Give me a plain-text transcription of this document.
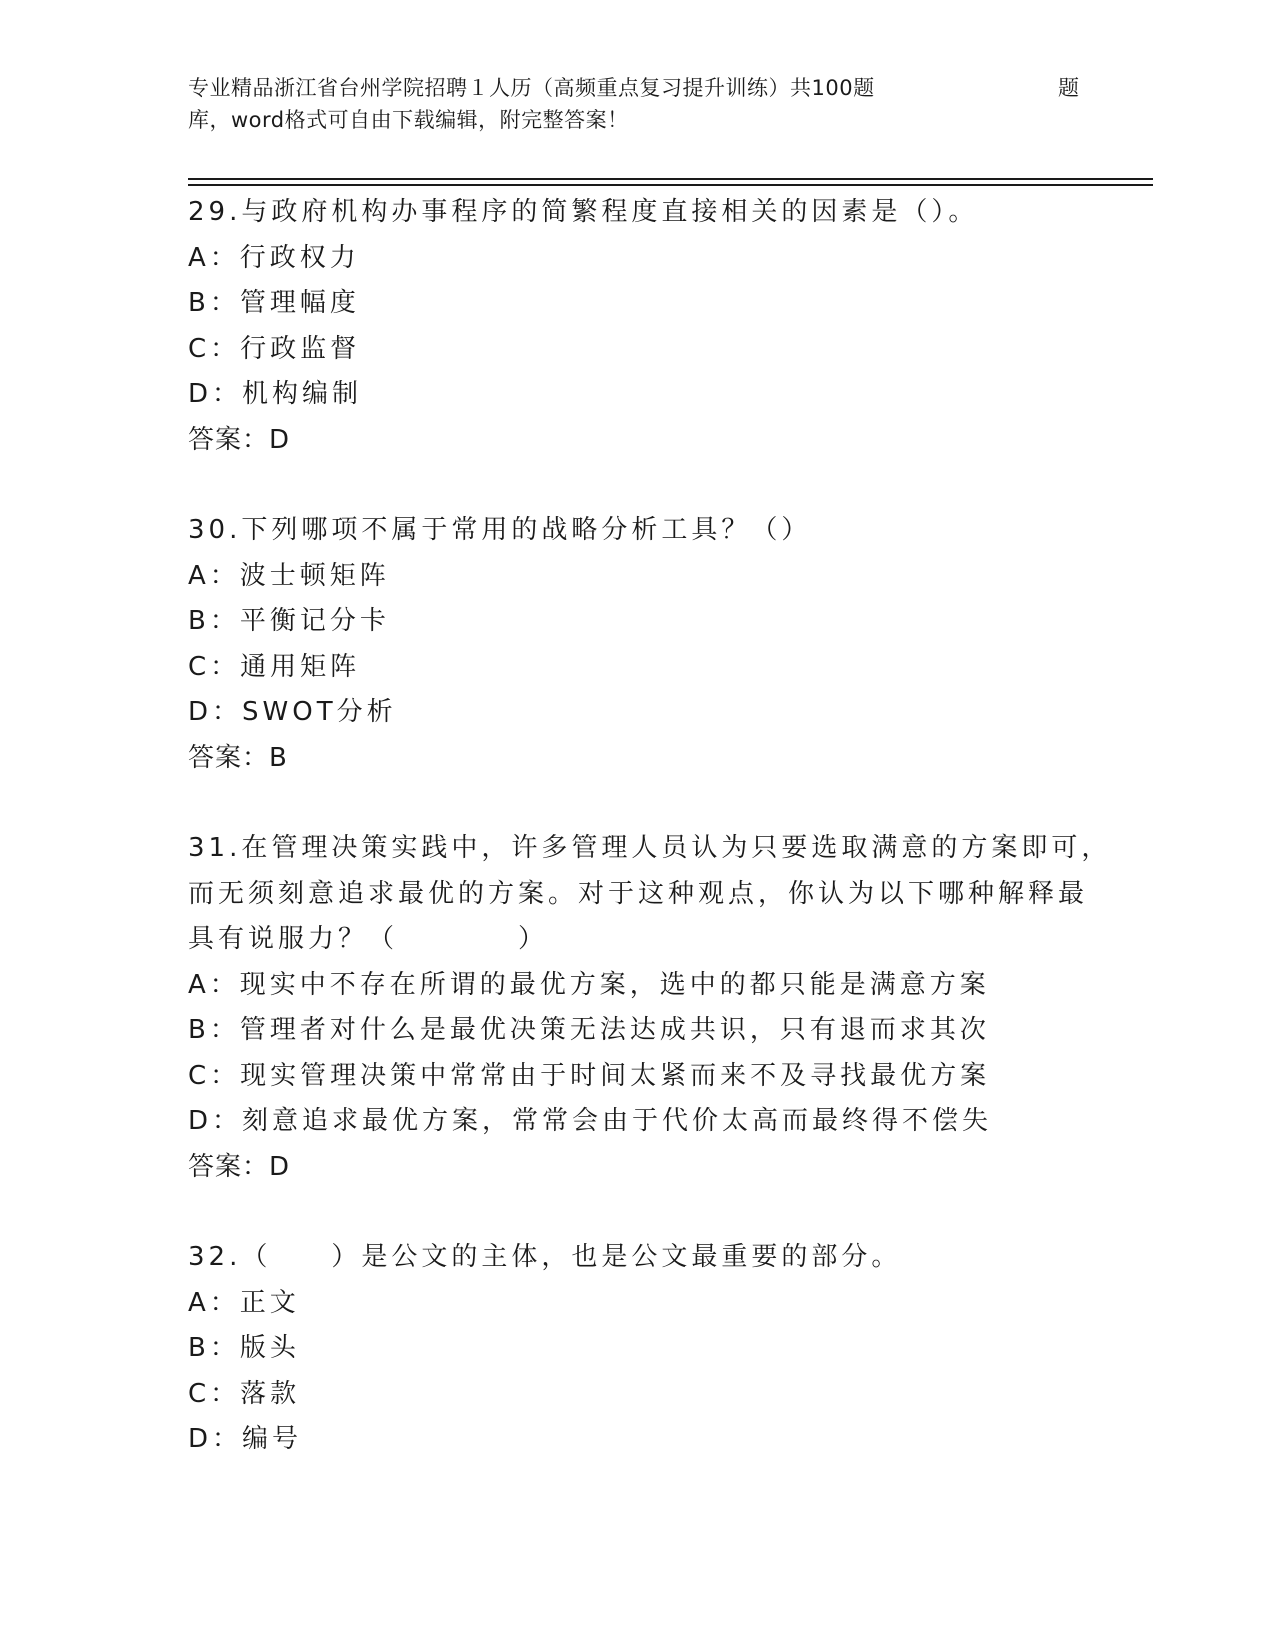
专业精品浙江省台州学院招聘１人历（高频重点复习提升训练）共100题
库，word格式可自由下载编辑，附完整答案！
题
29.与政府机构办事程序的简繁程度直接相关的因素是（）。
A：行政权力
B：管理幅度
C：行政监督
D：机构编制
答案：D
30.下列哪项不属于常用的战略分析工具？（）
A：波士顿矩阵
B：平衡记分卡
C：通用矩阵
D：SWOT分析
答案：B
31.在管理决策实践中，许多管理人员认为只要选取满意的方案即可，
而无须刻意追求最优的方案。对于这种观点，你认为以下哪种解释最
具有说服力？（　　　　）
A：现实中不存在所谓的最优方案，选中的都只能是满意方案
B：管理者对什么是最优决策无法达成共识，只有退而求其次
C：现实管理决策中常常由于时间太紧而来不及寻找最优方案
D：刻意追求最优方案，常常会由于代价太高而最终得不偿失
答案：D
32.（　　）是公文的主体，也是公文最重要的部分。
A：正文
B：版头
C：落款
D：编号
